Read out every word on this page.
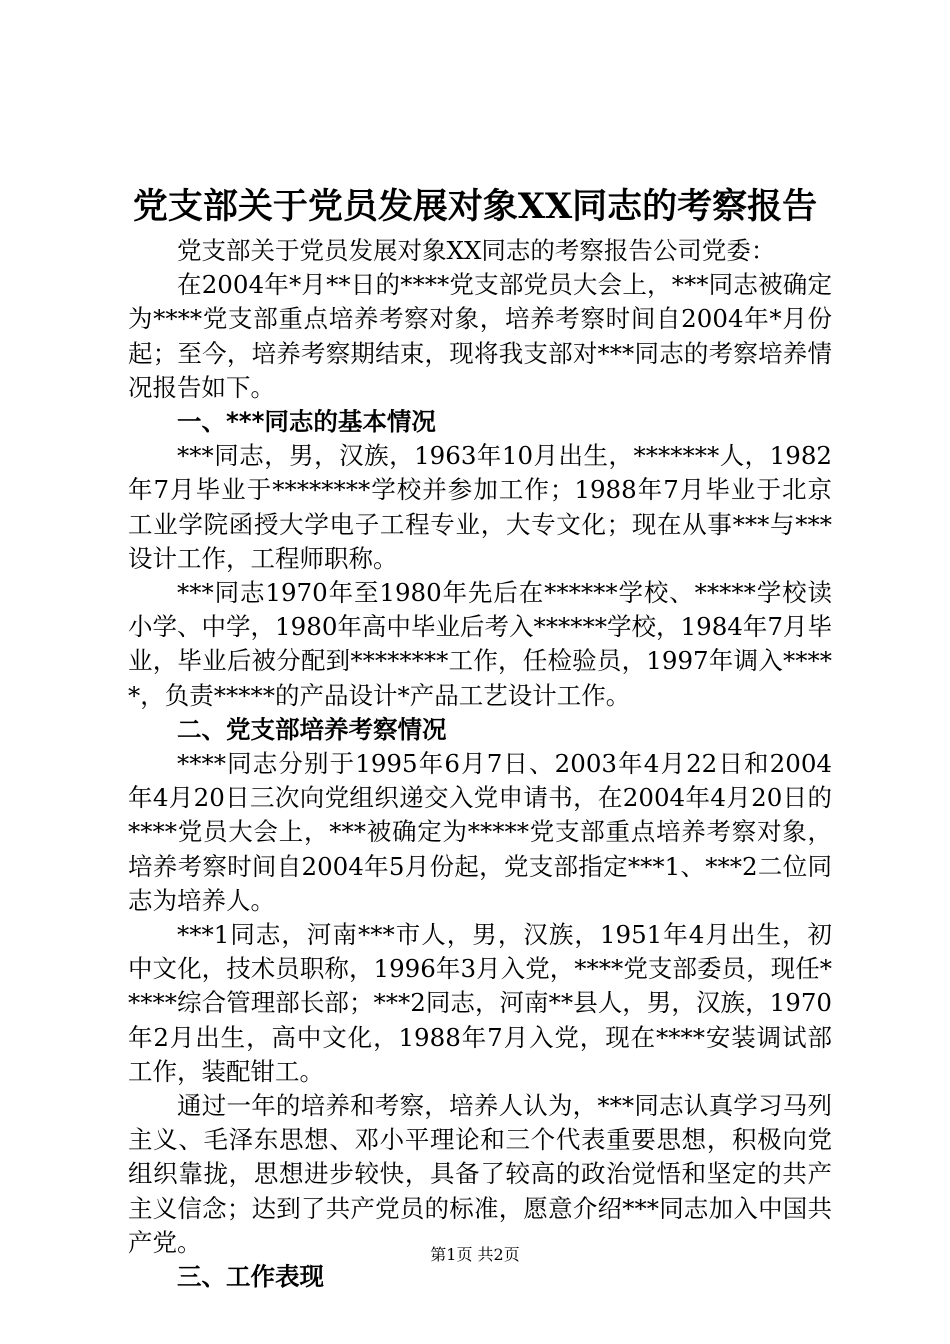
党支部关于党员发展对象XX同志的考察报告

党支部关于党员发展对象XX同志的考察报告公司党委：

在2004年*月**日的****党支部党员大会上，***同志被确定为****党支部重点培养考察对象，培养考察时间自2004年*月份起；至今，培养考察期结束，现将我支部对***同志的考察培养情况报告如下。

一、***同志的基本情况

***同志，男，汉族，1963年10月出生，*******人，1982年7月毕业于********学校并参加工作；1988年7月毕业于北京工业学院函授大学电子工程专业，大专文化；现在从事***与***设计工作，工程师职称。

***同志1970年至1980年先后在******学校、*****学校读小学、中学，1980年高中毕业后考入******学校，1984年7月毕业，毕业后被分配到********工作，任检验员，1997年调入*****，负责*****的产品设计*产品工艺设计工作。

二、党支部培养考察情况

****同志分别于1995年6月7日、2003年4月22日和2004年4月20日三次向党组织递交入党申请书，在2004年4月20日的****党员大会上，***被确定为*****党支部重点培养考察对象，培养考察时间自2004年5月份起，党支部指定***1、***2二位同志为培养人。

***1同志，河南***市人，男，汉族，1951年4月出生，初中文化，技术员职称，1996年3月入党，****党支部委员，现任*****综合管理部长部；***2同志，河南**县人，男，汉族，1970年2月出生，高中文化，1988年7月入党，现在****安装调试部工作，装配钳工。

通过一年的培养和考察，培养人认为，***同志认真学习马列主义、毛泽东思想、邓小平理论和三个代表重要思想，积极向党组织靠拢，思想进步较快，具备了较高的政治觉悟和坚定的共产主义信念；达到了共产党员的标准，愿意介绍***同志加入中国共产党。

三、工作表现

第1页 共2页
